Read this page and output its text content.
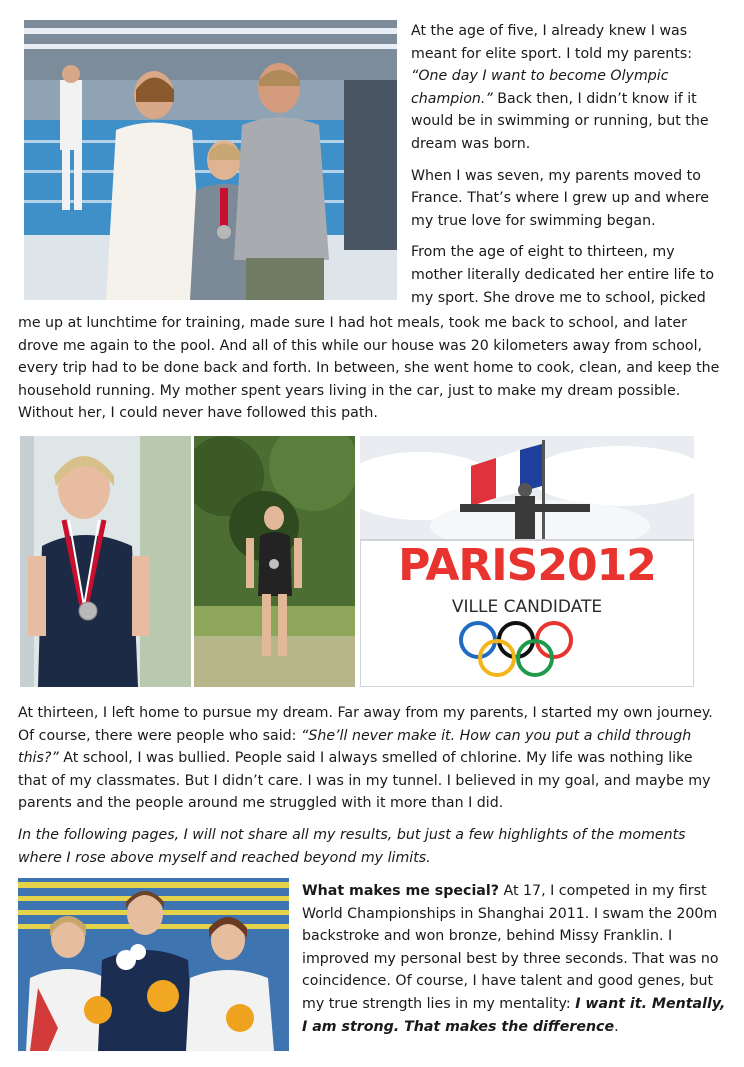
At the age of five, I already knew I was meant for elite sport. I told my parents: “One day I want to become Olympic champion.” Back then, I didn’t know if it would be in swimming or running, but the dream was born.

When I was seven, my parents moved to France. That’s where I grew up and where my true love for swimming began.

From the age of eight to thirteen, my mother literally dedicated her entire life to my sport. She drove me to school, picked

me up at lunchtime for training, made sure I had hot meals, took me back to school, and later drove me again to the pool. And all of this while our house was 20 kilometers away from school, every trip had to be done back and forth. In between, she went home to cook, clean, and keep the household running. My mother spent years living in the car, just to make my dream possible. Without her, I could never have followed this path.

PARIS2012
VILLE CANDIDATE

At thirteen, I left home to pursue my dream. Far away from my parents, I started my own journey. Of course, there were people who said: “She’ll never make it. How can you put a child through this?” At school, I was bullied. People said I always smelled of chlorine. My life was nothing like that of my classmates. But I didn’t care. I was in my tunnel. I believed in my goal, and maybe my parents and the people around me struggled with it more than I did.

In the following pages, I will not share all my results, but just a few highlights of the moments where I rose above myself and reached beyond my limits.

What makes me special? At 17, I competed in my first World Championships in Shanghai 2011. I swam the 200m backstroke and won bronze, behind Missy Franklin. I improved my personal best by three seconds. That was no coincidence. Of course, I have talent and good genes, but my true strength lies in my mentality: I want it. Mentally, I am strong. That makes the difference.
